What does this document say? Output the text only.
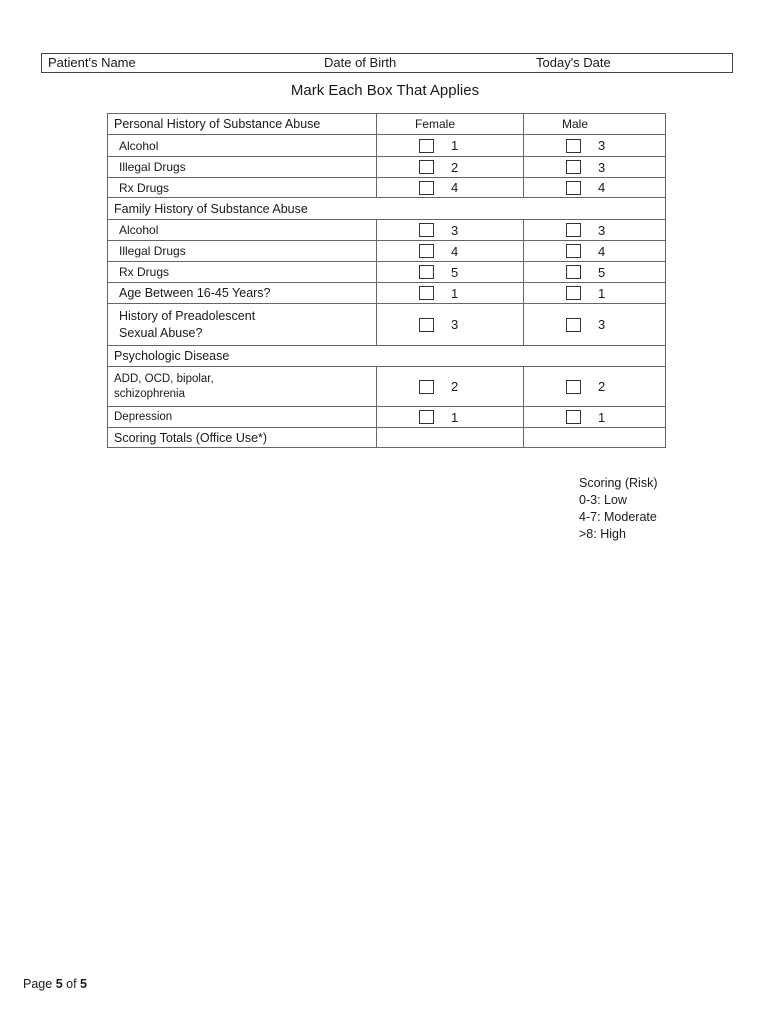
Patient's Name	Date of Birth	Today's Date
Mark Each Box That Applies
Personal History of Substance Abuse	Female	Male
Alcohol	1	3

Illegal Drugs	2	3

Rx Drugs	4	4

Family History of Substance Abuse		
Alcohol	3	3

Illegal Drugs	4	4

Rx Drugs	5	5

Age Between 16-45 Years?	1	1

History of Preadolescent
Sexual Abuse?	3	3

Psychologic Disease		

ADD, OCD, bipolar,
schizophrenia	2	2

Depression	1	1

Scoring Totals (Office Use*)		
Scoring (Risk)
0-3: Low
4-7: Moderate
>8: High
Page 5 of 5
